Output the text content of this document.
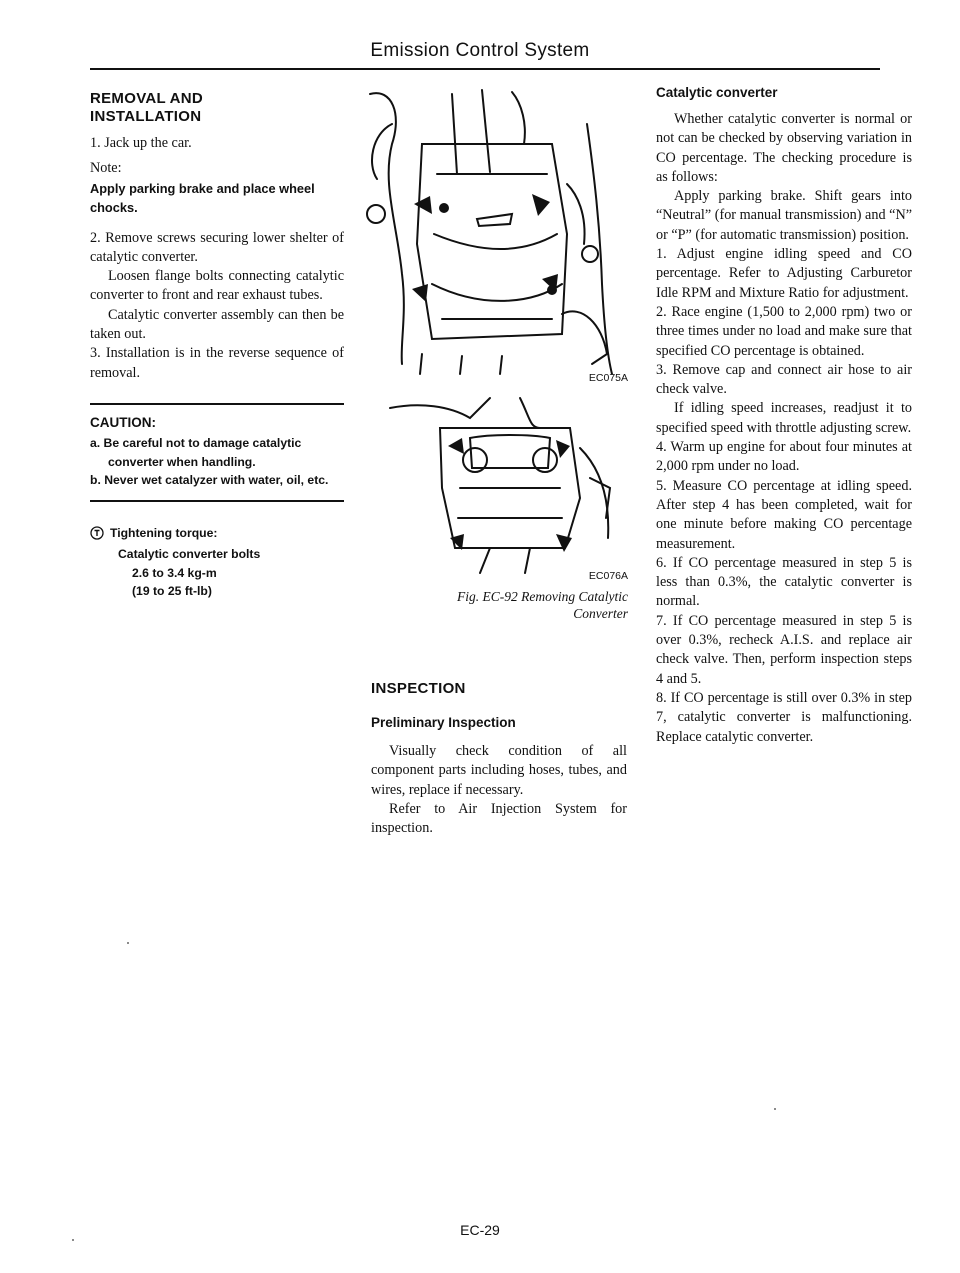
Emission Control System
REMOVAL AND
INSTALLATION

1. Jack up the car.

Note:

Apply parking brake and place wheel chocks.

2. Remove screws securing lower shelter of catalytic converter.

Loosen flange bolts connecting catalytic converter to front and rear exhaust tubes.

Catalytic converter assembly can then be taken out.

3. Installation is in the reverse sequence of removal.

CAUTION:
a. Be careful not to damage catalytic converter when handling.
b. Never wet catalyzer with water, oil, etc.
Tightening torque:
Catalytic converter bolts
2.6 to 3.4 kg-m
(19 to 25 ft-lb)
EC075A
EC076A
Fig. EC-92 Removing Catalytic
Converter
INSPECTION
Preliminary Inspection

Visually check condition of all component parts including hoses, tubes, and wires, replace if necessary.

Refer to Air Injection System for inspection.

Catalytic converter

Whether catalytic converter is normal or not can be checked by observing variation in CO percentage. The checking procedure is as follows:

Apply parking brake. Shift gears into “Neutral” (for manual transmission) and “N” or “P” (for automatic transmission) position.

1. Adjust engine idling speed and CO percentage. Refer to Adjusting Carburetor Idle RPM and Mixture Ratio for adjustment.

2. Race engine (1,500 to 2,000 rpm) two or three times under no load and make sure that specified CO percentage is obtained.

3. Remove cap and connect air hose to air check valve.

If idling speed increases, readjust it to specified speed with throttle adjusting screw.

4. Warm up engine for about four minutes at 2,000 rpm under no load.

5. Measure CO percentage at idling speed. After step 4 has been completed, wait for one minute before making CO percentage measurement.

6. If CO percentage measured in step 5 is less than 0.3%, the catalytic converter is normal.

7. If CO percentage measured in step 5 is over 0.3%, recheck A.I.S. and replace air check valve. Then, perform inspection steps 4 and 5.

8. If CO percentage is still over 0.3% in step 7, catalytic converter is malfunctioning. Replace catalytic converter.

EC-29
